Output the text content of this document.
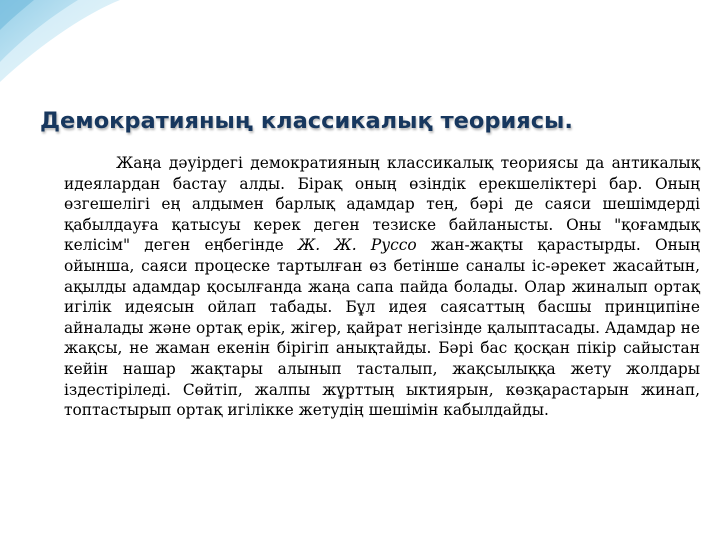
Демократияның классикалық теориясы.

Жаңа дәуірдегі демократияның классикалық теориясы да антикалық идеялардан бастау алды. Бірақ оның өзіндік ерекшеліктері бар. Оның өзгешелігі ең алдымен барлық адамдар тең, бәрі де саяси шешімдерді қабылдауға қатысуы керек деген тезиске байланысты. Оны "қоғамдық келісім" деген еңбегінде Ж. Ж. Руссо жан-жақты қарастырды. Оның ойынша, саяси процеске тартылған өз бетінше саналы іс-әрекет жасайтын, ақылды адамдар қосылғанда жаңа сапа пайда болады. Олар жиналып ортақ игілік идеясын ойлап табады. Бұл идея саясаттың басшы принципіне айналады және ортақ ерік, жігер, қайрат негізінде қалыптасады. Адамдар не жақсы, не жаман екенін бірігіп анықтайды. Бәрі бас қосқан пікір сайыстан кейін нашар жақтары алынып тасталып, жақсылыққа жету жолдары іздестіріледі. Сөйтіп, жалпы жұрттың ыктиярын, көзқарастарын жинап, топтастырып ортақ игілікке жетудің шешімін кабылдайды.
